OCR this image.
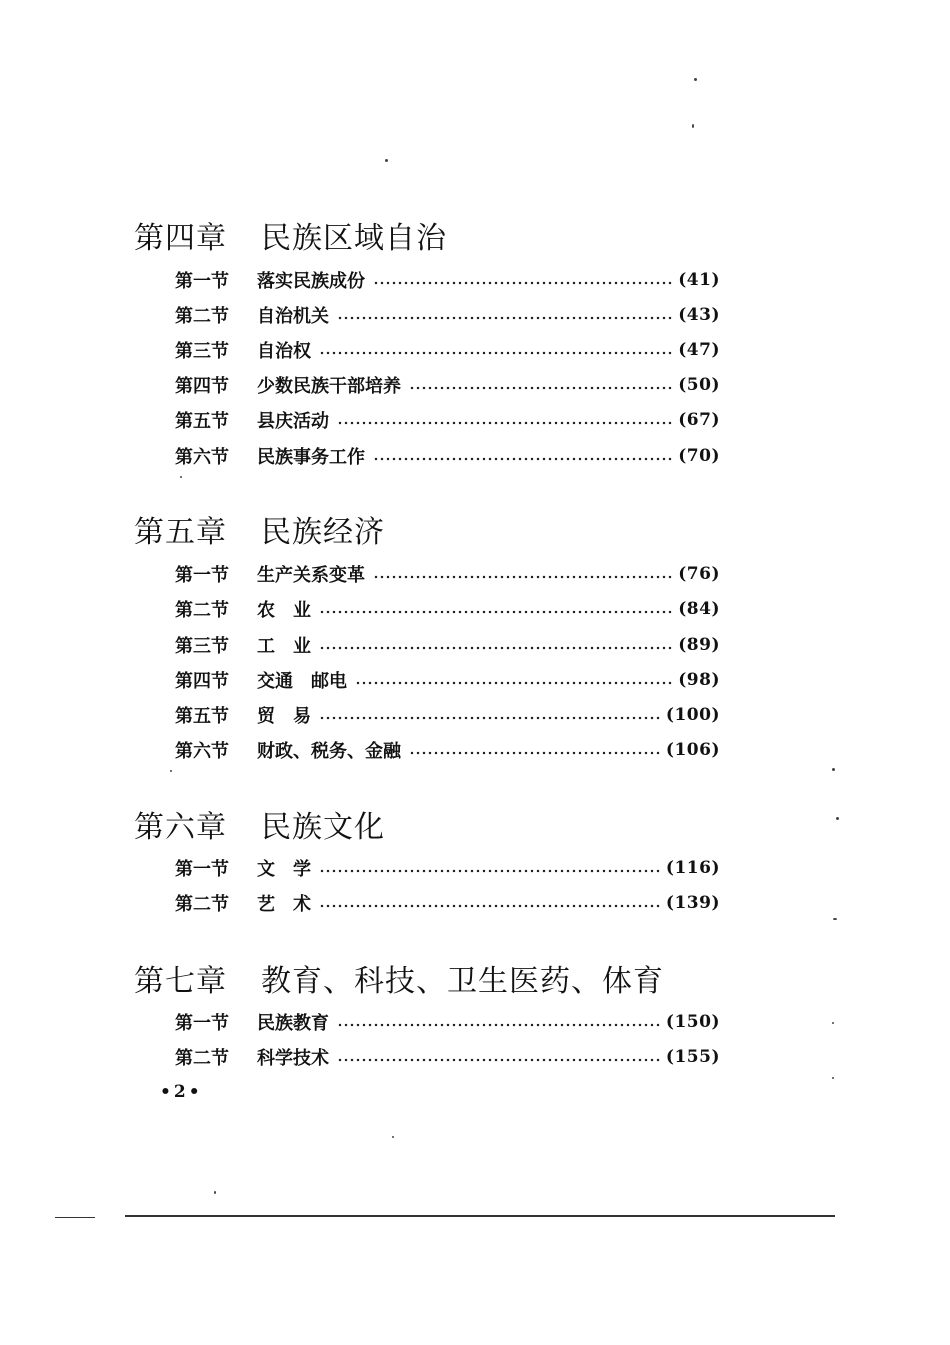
第四章 民族区域自治
第一节	落实民族成份	(41)
第二节	自治机关	(43)
第三节	自治权	(47)
第四节	少数民族干部培养	(50)
第五节	县庆活动	(67)
第六节	民族事务工作	(70)
第五章 民族经济
第一节	生产关系变革	(76)
第二节	农　业	(84)
第三节	工　业	(89)
第四节	交通　邮电	(98)
第五节	贸　易	(100)
第六节	财政、税务、金融	(106)
第六章 民族文化
第一节	文　学	(116)
第二节	艺　术	(139)
第七章 教育、科技、卫生医药、体育
第一节	民族教育	(150)
第二节	科学技术	(155)
•2•
